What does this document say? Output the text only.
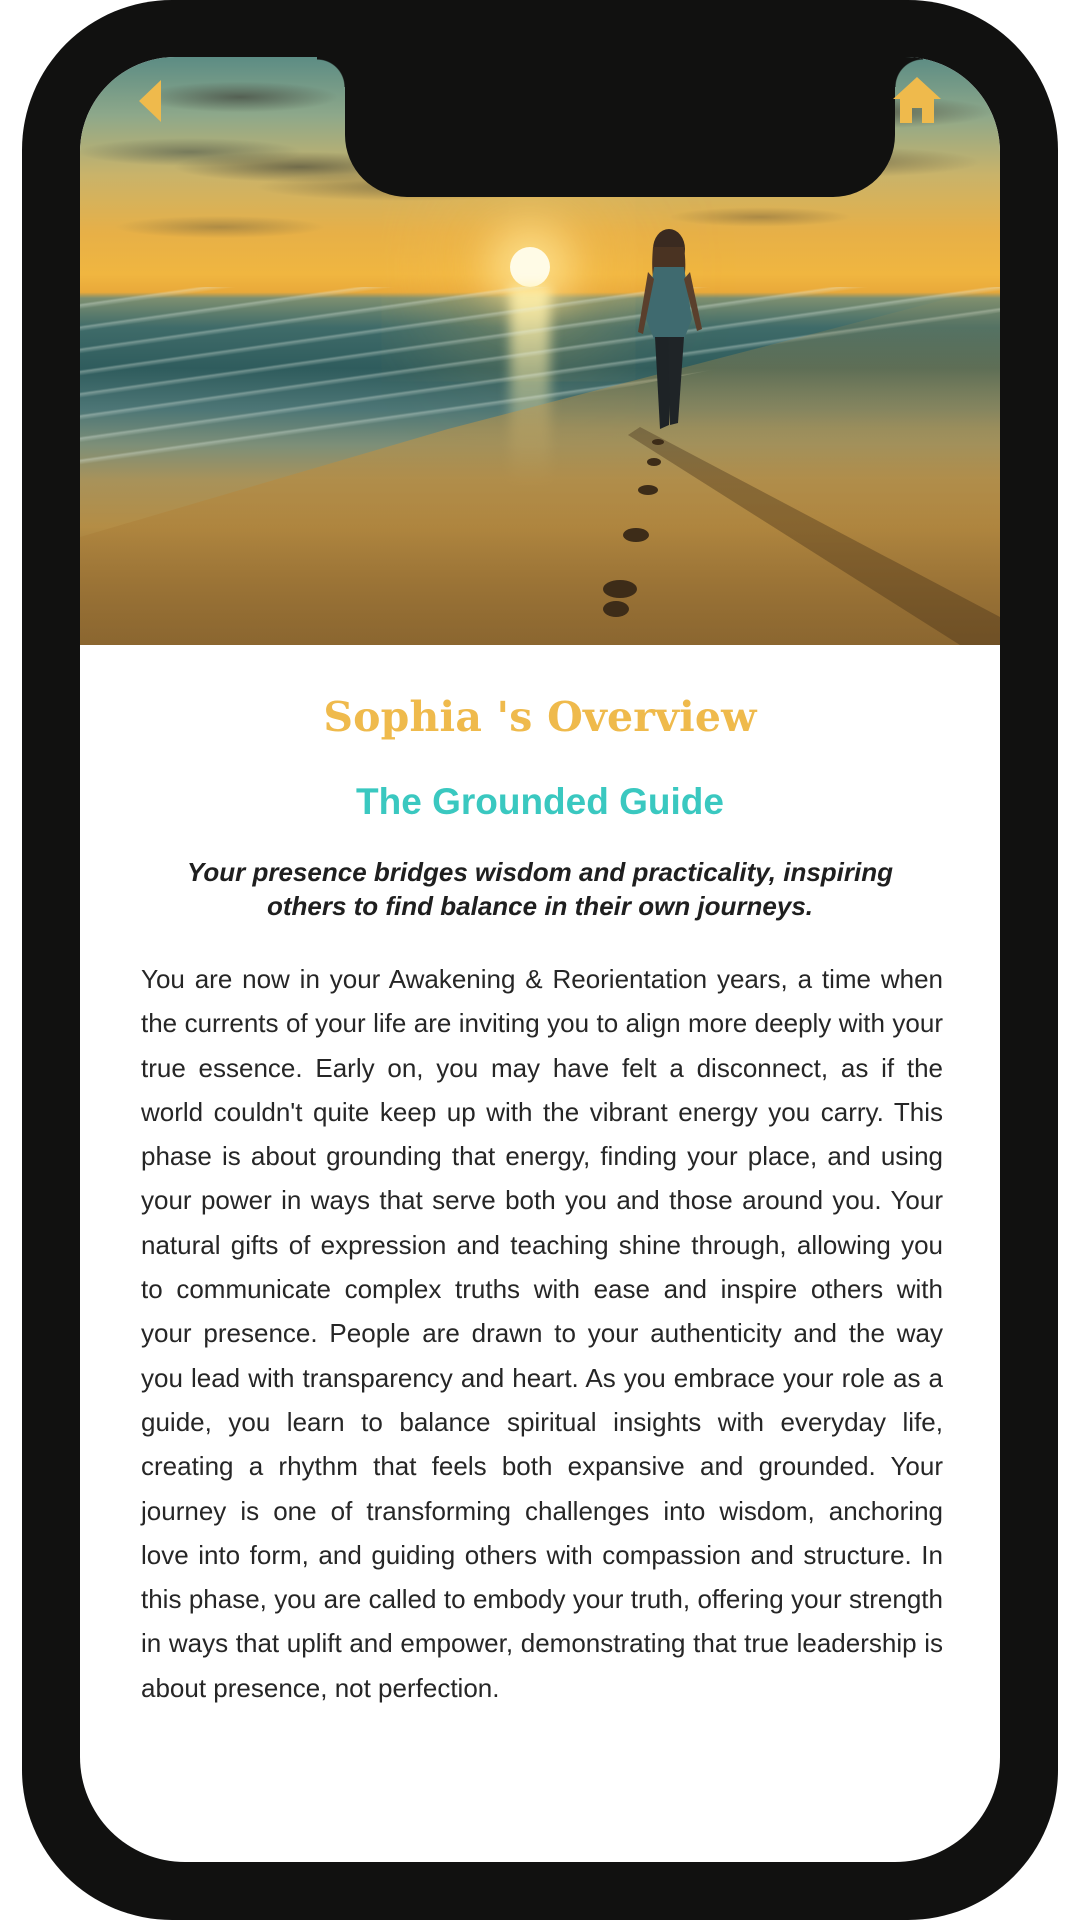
Sophia 's Overview
The Grounded Guide

Your presence bridges wisdom and practicality, inspiring others to find balance in their own journeys.

You are now in your Awakening & Reorientation years, a time when the currents of your life are inviting you to align more deeply with your true essence. Early on, you may have felt a disconnect, as if the world couldn't quite keep up with the vibrant energy you carry. This phase is about grounding that energy, finding your place, and using your power in ways that serve both you and those around you. Your natural gifts of expression and teaching shine through, allowing you to communicate complex truths with ease and inspire others with your presence. People are drawn to your authenticity and the way you lead with transparency and heart. As you embrace your role as a guide, you learn to balance spiritual insights with everyday life, creating a rhythm that feels both expansive and grounded. Your journey is one of transforming challenges into wisdom, anchoring love into form, and guiding others with compassion and structure. In this phase, you are called to embody your truth, offering your strength in ways that uplift and empower, demonstrating that true leadership is about presence, not perfection.
